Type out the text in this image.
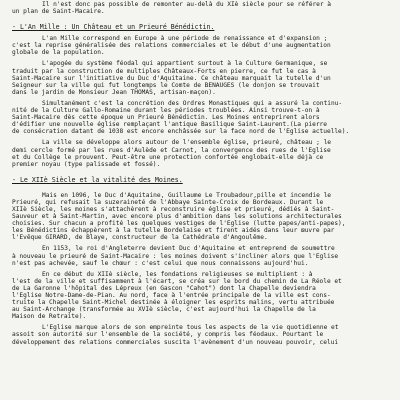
Il n'est donc pas possible de remonter au-delà du XIè siècle pour se référer à
un plan de Saint-Macaire.
- L'An Mille : Un Château et un Prieuré Bénédictin.
L'an Mille correspond en Europe à une période de renaissance et d'expansion ;
c'est la reprise généralisée des relations commerciales et le début d'une augmentation
globale de la population.
L'apogée du système féodal qui appartient surtout à la Culture Germanique, se
traduit par la construction de multiples Châteaux-Forts en pierre, ce fut le cas à
Saint-Macaire sur l'initiative du Duc d'Aquitaine. Ce château marquait la tutelle d'un
Seigneur sur la ville qui fut longtemps le Comte de BENAUGES (le donjon se trouvait
dans le jardin de Monsieur Jean THOMAS, artisan-maçon).
Simultanément c'est la concrétion des Ordres Monastiques qui a assuré la continu-
nité de la Culture Gallo-Romaine durant les périodes troublées. Ainsi trouve-t-on à
Saint-Macaire dès cette époque un Prieuré Bénédictin. Les Moines entreprirent alors
d'édifier une nouvelle église remplaçant l'antique Basilique Saint-Laurent.(La pierre
de consécration datant de 1038 est encore enchâssée sur la face nord de l'Eglise actuelle).
La ville se développe alors autour de l'ensemble église, prieuré, château ; le
demi cercle formé par les rues d'Aulède et Carnot, la convergence des rues de l'Eglise
et du Collège le prouvent. Peut-être une protection confortée englobait-elle déjà ce
premier noyau (type palissade et fossé).
- Le XIIè Siècle et la vitalité des Moines.
Mais en 1096, le Duc d'Aquitaine, Guillaume Le Troubadour,pille et incendie le
Prieuré, qui refusait la suzeraineté de l'Abbaye Sainte-Croix de Bordeaux. Durant le
XIIè Siècle, les moines s'attachèrent à reconstruire église et prieuré, dédiés à Saint-
Sauveur et à Saint-Martin, avec encore plus d'ambition dans les solutions architecturales
choisies. Sur chacun a profité les quelques vestiges de l'Eglise (lutte papes/anti-papes),
les Bénédictins échappèrent à la tutelle Bordelaise et firent aidés dans leur œuvre par
l'Evêque GIRARD, de Blaye, constructeur de la Cathédrale d'Angoulême.
En 1153, le roi d'Angleterre devient Duc d'Aquitaine et entreprend de soumettre
à nouveau le prieuré de Saint-Macaire : les moines doivent s'incliner alors que l'Eglise
n'est pas achevée, sauf le chœur : c'est celui que nous connaissons aujourd'hui.
En ce début du XIIè siècle, les fondations religieuses se multiplient : à
l'est de la ville et suffisamment à l'écart, se créa sur le bord du chemin de La Réole et
de La Garonne l'hôpital des Lépreux (en Gascon "Cahot") dont la Chapelle deviendra
l'Eglise Notre-Dame-de-Pian. Au nord, face à l'entrée principale de la ville est cons-
truite la Chapelle Saint-Michel destinée à éloigner les esprits malins, vertu attribuée
au Saint-Archange (transformée au XVIè siècle, c'est aujourd'hui la Chapelle de la
Maison de Retraite).
L'Eglise marque alors de son empreinte tous les aspects de la vie quotidienne et
assoit son autorité sur l'ensemble de la société, y compris les féodaux. Pourtant le
développement des relations commerciales suscita l'avènement d'un nouveau pouvoir, celui
